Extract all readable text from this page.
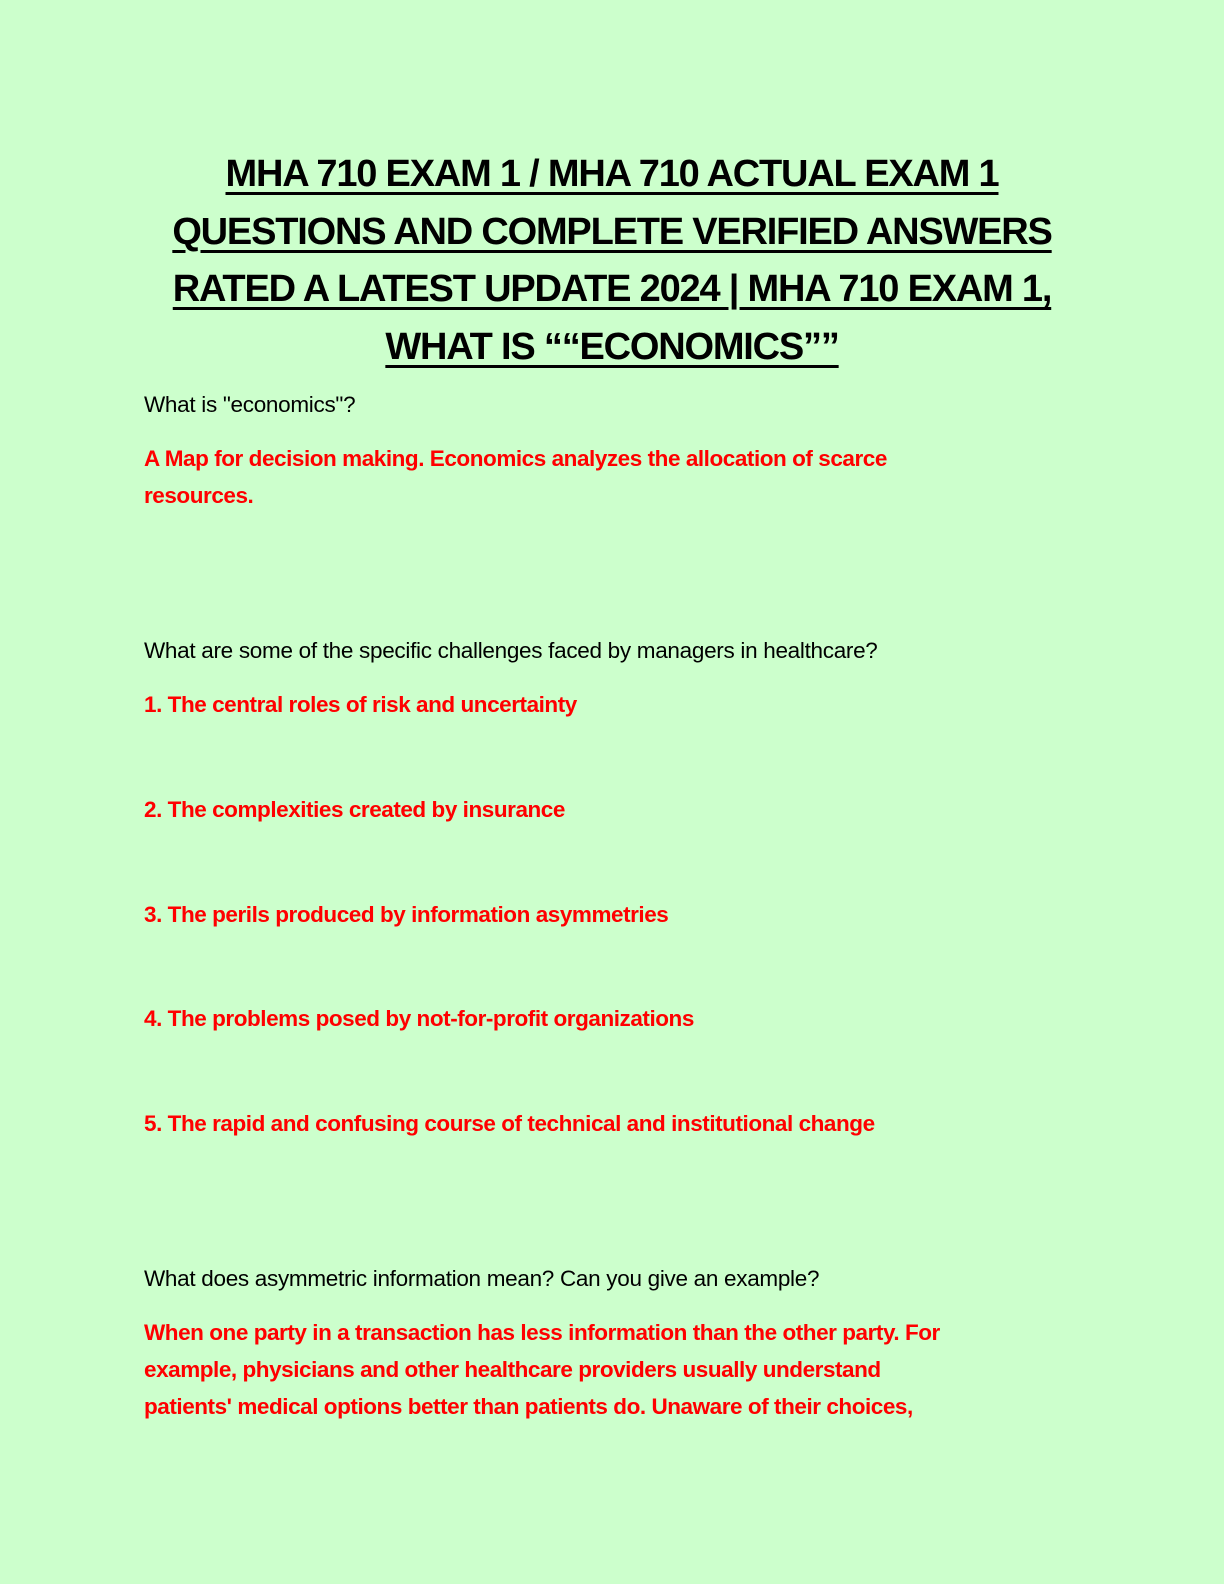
MHA 710 EXAM 1 / MHA 710 ACTUAL EXAM 1
QUESTIONS AND COMPLETE VERIFIED ANSWERS
RATED A LATEST UPDATE 2024 | MHA 710 EXAM 1,
WHAT IS ““ECONOMICS””
What is "economics"?
A Map for decision making. Economics analyzes the allocation of scarce resources.
What are some of the specific challenges faced by managers in healthcare?
1. The central roles of risk and uncertainty
2. The complexities created by insurance
3. The perils produced by information asymmetries
4. The problems posed by not-for-profit organizations
5. The rapid and confusing course of technical and institutional change
What does asymmetric information mean? Can you give an example?
When one party in a transaction has less information than the other party. For
example, physicians and other healthcare providers usually understand
patients' medical options better than patients do. Unaware of their choices,
